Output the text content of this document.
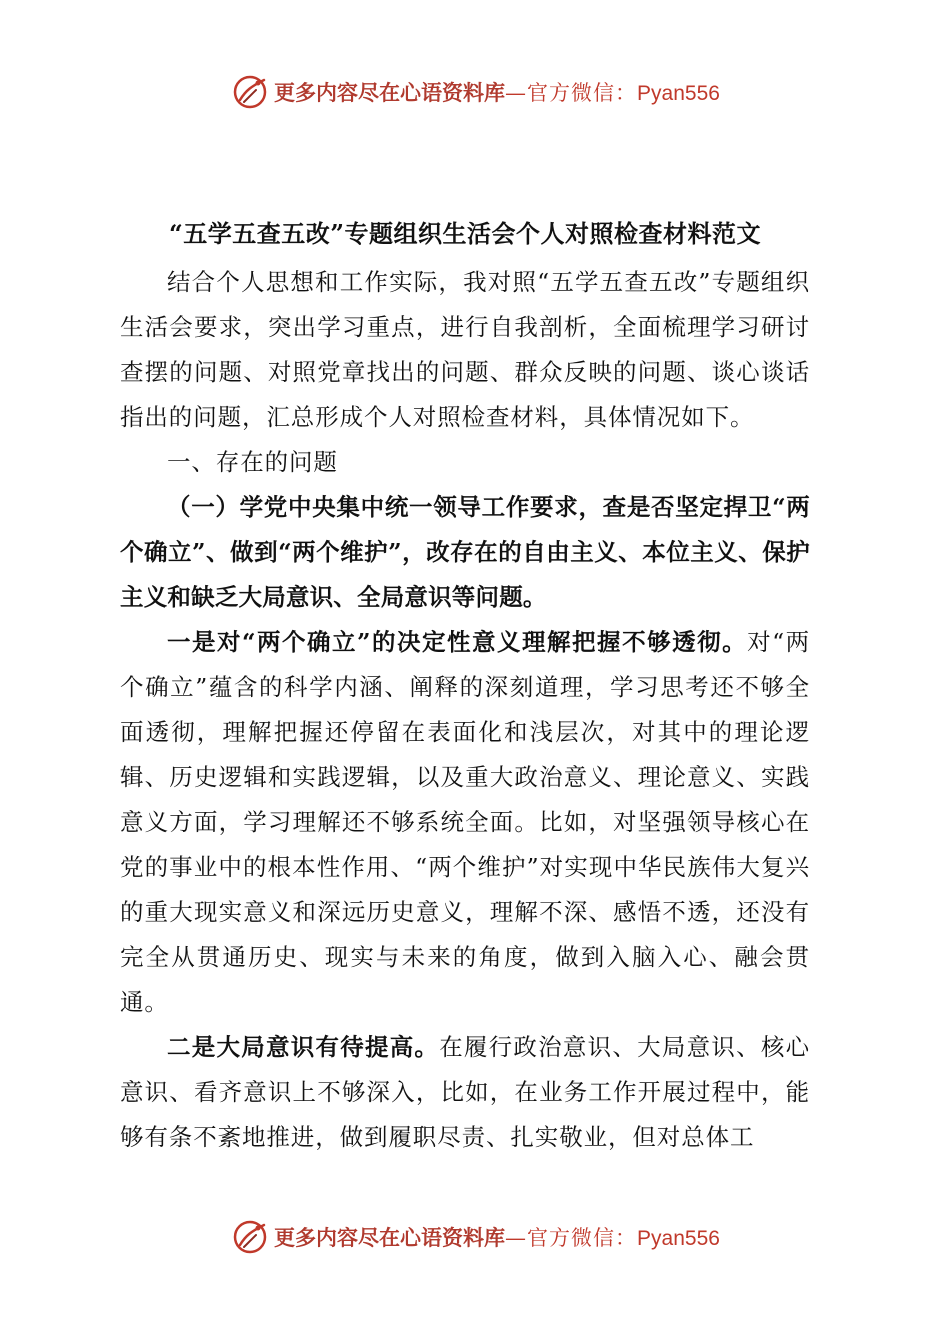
更多内容尽在心语资料库 —官方微信： Pyan556
“五学五查五改”专题组织生活会个人对照检查材料范文

结合个人思想和工作实际，我对照“五学五查五改”专题组织生活会要求，突出学习重点，进行自我剖析，全面梳理学习研讨查摆的问题、对照党章找出的问题、群众反映的问题、谈心谈话指出的问题，汇总形成个人对照检查材料，具体情况如下。

一、存在的问题

（一）学党中央集中统一领导工作要求，查是否坚定捍卫“两个确立”、做到“两个维护”，改存在的自由主义、本位主义、保护主义和缺乏大局意识、全局意识等问题。

一是对“两个确立”的决定性意义理解把握不够透彻。对“两个确立”蕴含的科学内涵、阐释的深刻道理，学习思考还不够全面透彻，理解把握还停留在表面化和浅层次，对其中的理论逻辑、历史逻辑和实践逻辑，以及重大政治意义、理论意义、实践意义方面，学习理解还不够系统全面。比如，对坚强领导核心在党的事业中的根本性作用、“两个维护”对实现中华民族伟大复兴的重大现实意义和深远历史意义，理解不深、感悟不透，还没有完全从贯通历史、现实与未来的角度，做到入脑入心、融会贯通。

二是大局意识有待提高。在履行政治意识、大局意识、核心意识、看齐意识上不够深入，比如，在业务工作开展过程中，能够有条不紊地推进，做到履职尽责、扎实敬业，但对总体工

更多内容尽在心语资料库 —官方微信： Pyan556
